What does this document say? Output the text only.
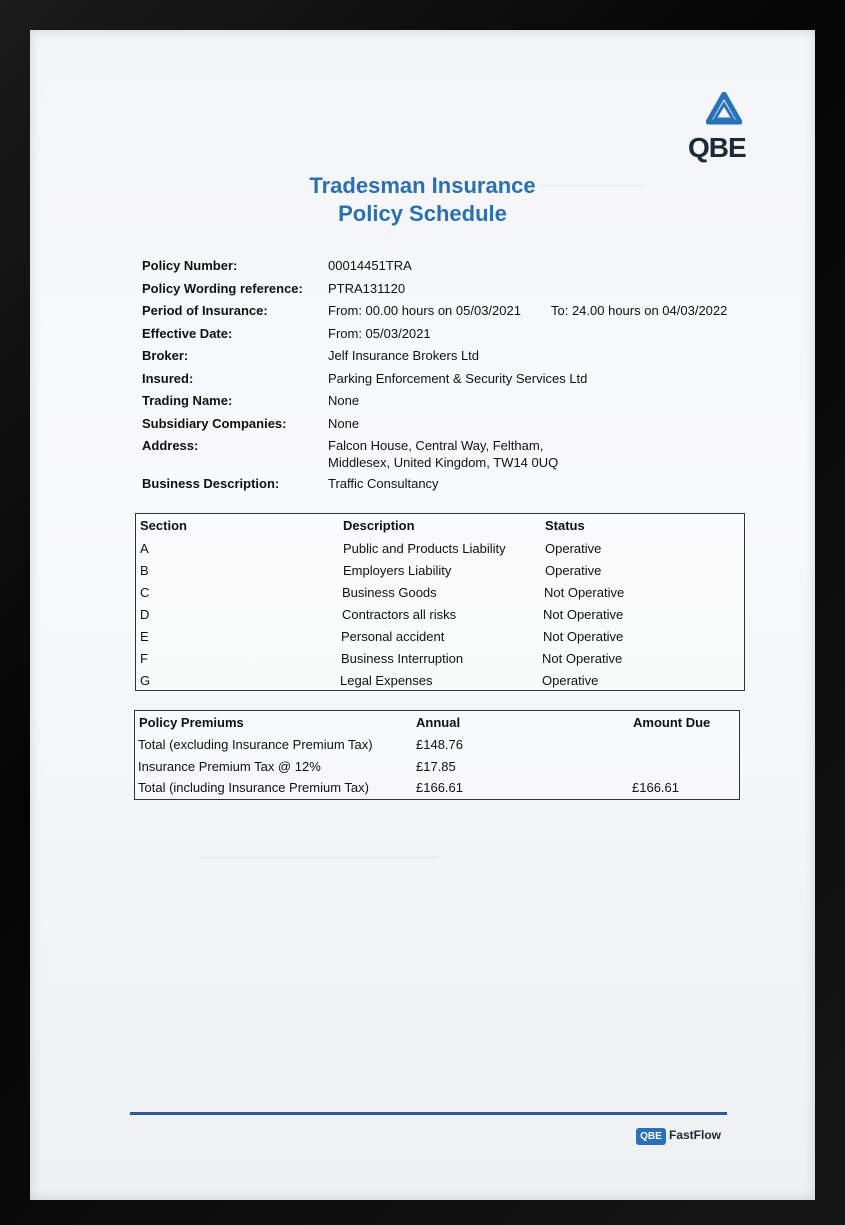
────────────
────────────────────────────
QBE
Tradesman Insurance
Policy Schedule
Policy Number:	00014451TRA
Policy Wording reference: PTRA131120
Period of Insurance:	From: 00.00 hours on 05/03/2021 To: 24.00 hours on 04/03/2022
Effective Date:	From: 05/03/2021
Broker:	Jelf Insurance Brokers Ltd
Insured:	Parking Enforcement & Security Services Ltd
Trading Name:	None
Subsidiary Companies:	None
Address:	Falcon House, Central Way, Feltham,
Middlesex, United Kingdom, TW14 0UQ
Business Description:	Traffic Consultancy
Section	Description	Status
A	Public and Products Liability	Operative
B	Employers Liability	Operative
C	Business Goods	Not Operative
D	Contractors all risks	Not Operative
E	Personal accident	Not Operative
F	Business Interruption	Not Operative
G	Legal Expenses	Operative
Policy Premiums	Annual	Amount Due
Total (excluding Insurance Premium Tax)	£148.76
Insurance Premium Tax @ 12%	£17.85
Total (including Insurance Premium Tax)	£166.61	£166.61
QBE FastFlow
